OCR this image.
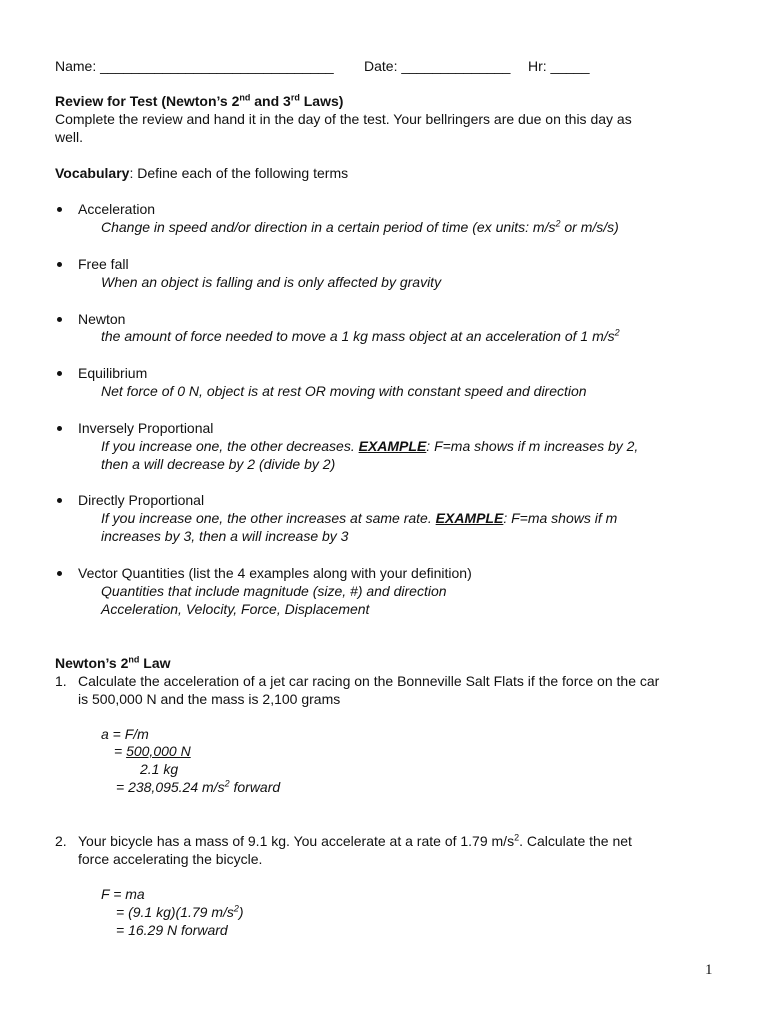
Name: ______________________________ Date: ______________ Hr: _____
Review for Test (Newton’s 2nd and 3rd Laws)
Complete the review and hand it in the day of the test. Your bellringers are due on this day as
well.
Vocabulary: Define each of the following terms
Acceleration
Change in speed and/or direction in a certain period of time (ex units: $m/s^2$ or m/s/s)
Free fall
When an object is falling and is only affected by gravity
Newton
the amount of force needed to move a 1 kg mass object at an acceleration of 1 $m/s^2$
Equilibrium
Net force of 0 N, object is at rest OR moving with constant speed and direction
Inversely Proportional
If you increase one, the other decreases. EXAMPLE: F=ma shows if m increases by 2,
then a will decrease by 2 (divide by 2)
Directly Proportional
If you increase one, the other increases at same rate. EXAMPLE: F=ma shows if m
increases by 3, then a will increase by 3
Vector Quantities (list the 4 examples along with your definition)
Quantities that include magnitude (size, #) and direction
Acceleration, Velocity, Force, Displacement
Newton’s 2nd Law
1. Calculate the acceleration of a jet car racing on the Bonneville Salt Flats if the force on the car
is 500,000 N and the mass is 2,100 grams
a = F/m
= 500,000 N
2.1 kg
= 238,095.24 $m/s^2$ forward
2. Your bicycle has a mass of 9.1 kg. You accelerate at a rate of 1.79 $m/s^2$. Calculate the net
force accelerating the bicycle.
F = ma
= (9.1 kg)(1.79 $m/s^2$)
= 16.29 N forward
1
